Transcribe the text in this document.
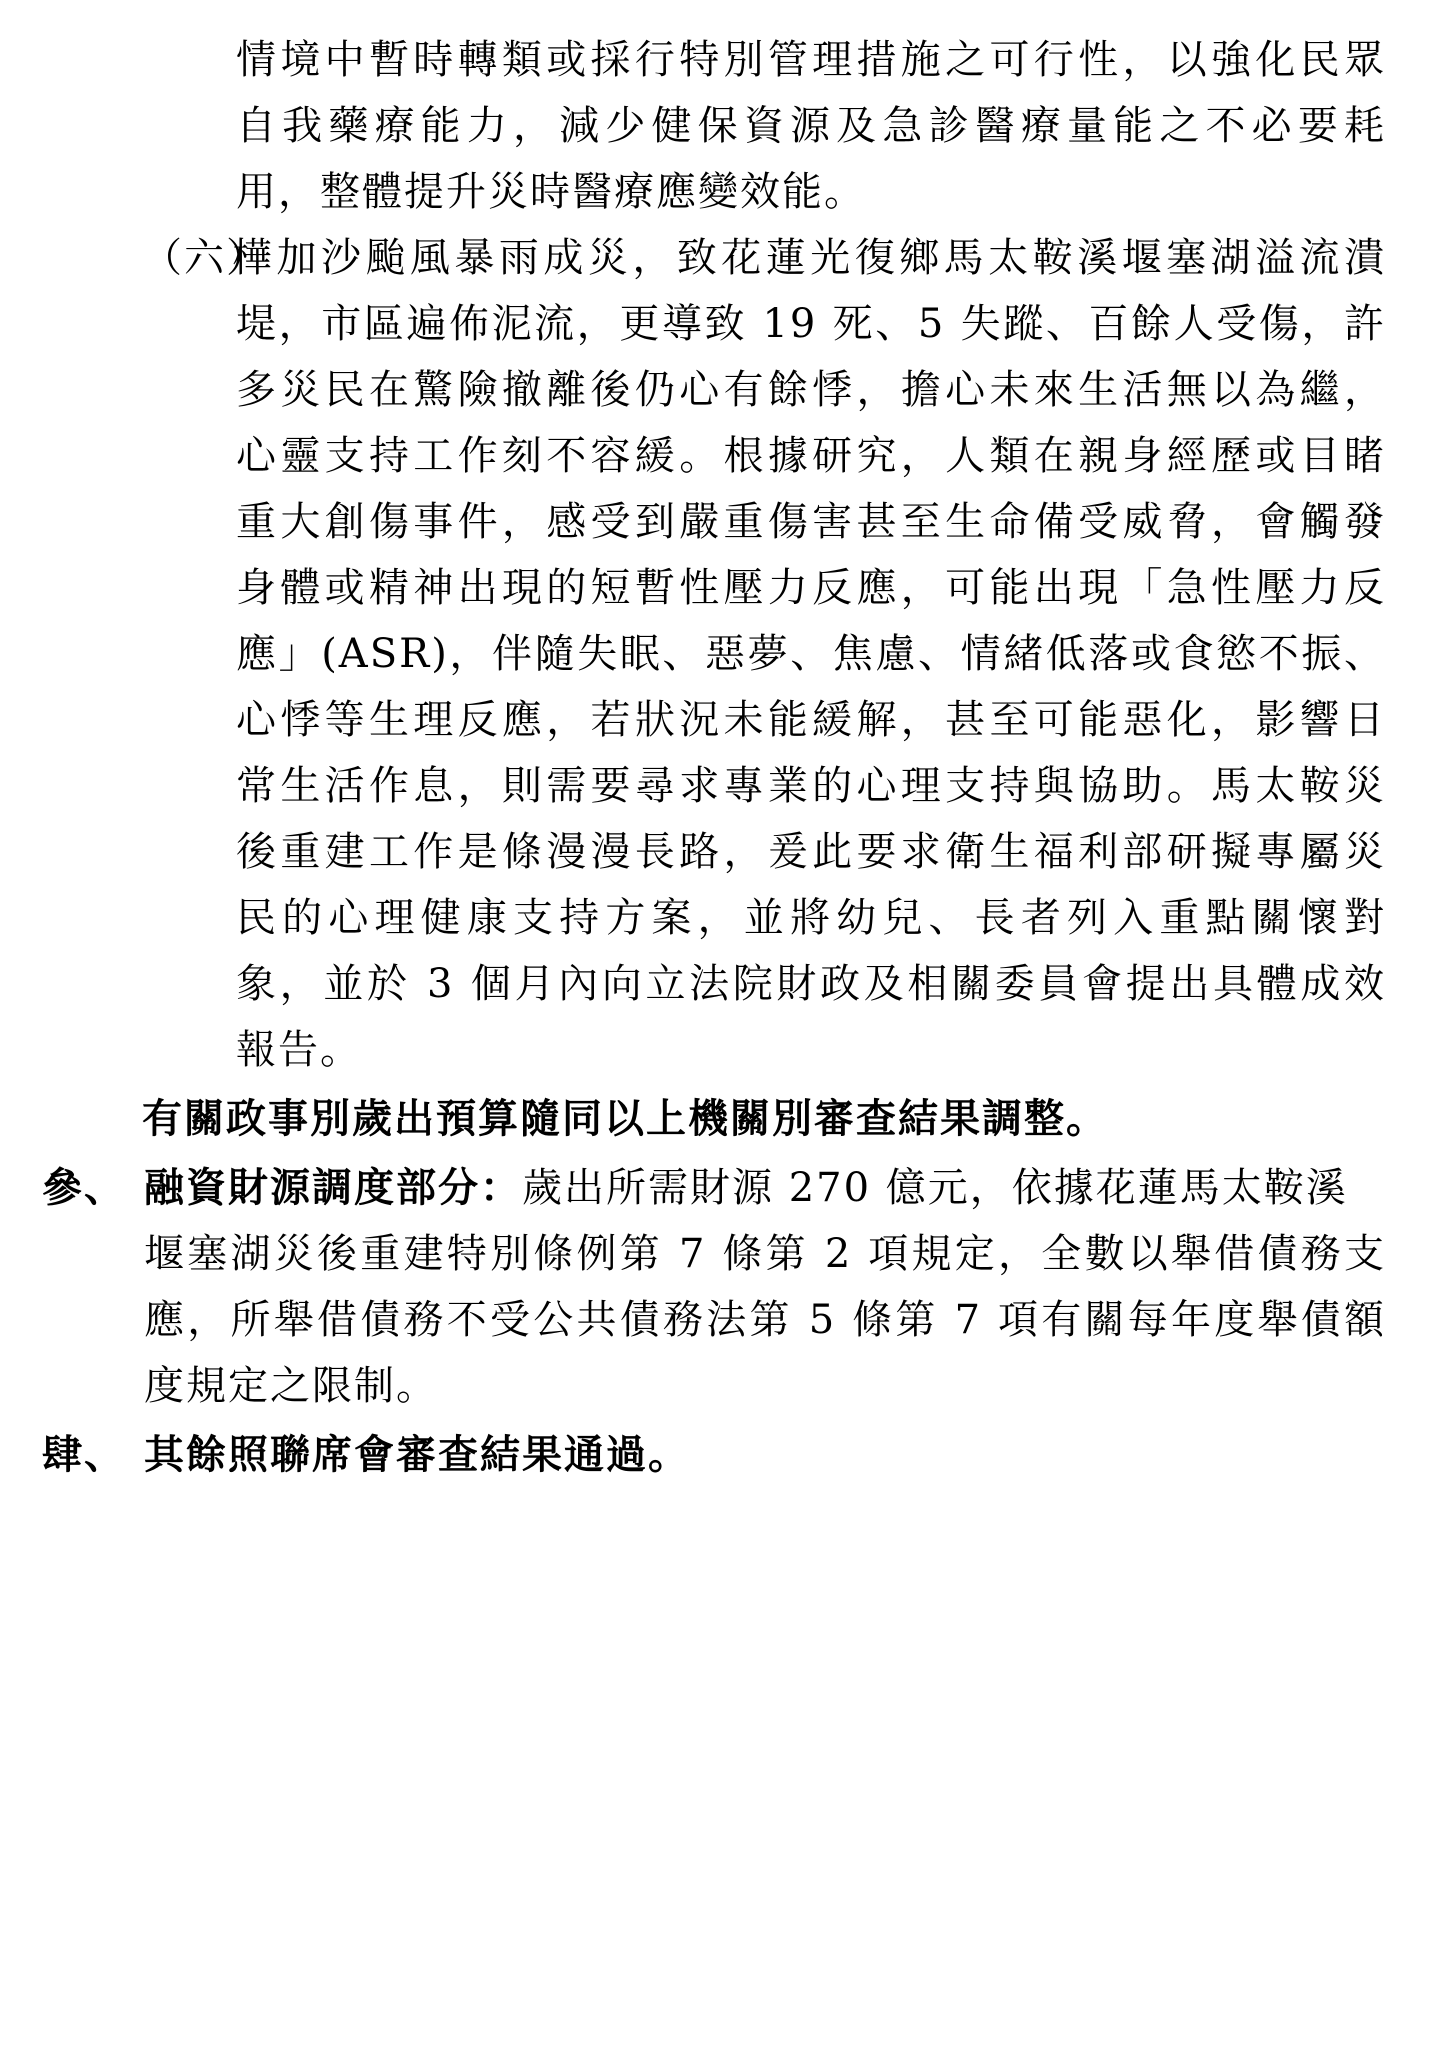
情境中暫時轉類或採行特別管理措施之可行性，以強化民眾
自我藥療能力，減少健保資源及急診醫療量能之不必要耗
用，整體提升災時醫療應變效能。
（六）
樺加沙颱風暴雨成災，致花蓮光復鄉馬太鞍溪堰塞湖溢流潰
堤，市區遍佈泥流，更導致 19 死、5 失蹤、百餘人受傷，許
多災民在驚險撤離後仍心有餘悸，擔心未來生活無以為繼，
心靈支持工作刻不容緩。根據研究，人類在親身經歷或目睹
重大創傷事件，感受到嚴重傷害甚至生命備受威脅，會觸發
身體或精神出現的短暫性壓力反應，可能出現「急性壓力反
應」(ASR)，伴隨失眠、惡夢、焦慮、情緒低落或食慾不振、
心悸等生理反應，若狀況未能緩解，甚至可能惡化，影響日
常生活作息，則需要尋求專業的心理支持與協助。馬太鞍災
後重建工作是條漫漫長路，爰此要求衛生福利部研擬專屬災
民的心理健康支持方案，並將幼兒、長者列入重點關懷對
象，並於 3 個月內向立法院財政及相關委員會提出具體成效
報告。
有關政事別歲出預算隨同以上機關別審查結果調整。
參、 融資財源調度部分：歲出所需財源 270 億元，依據花蓮馬太鞍溪
堰塞湖災後重建特別條例第 7 條第 2 項規定，全數以舉借債務支
應，所舉借債務不受公共債務法第 5 條第 7 項有關每年度舉債額
度規定之限制。
肆、 其餘照聯席會審查結果通過。
